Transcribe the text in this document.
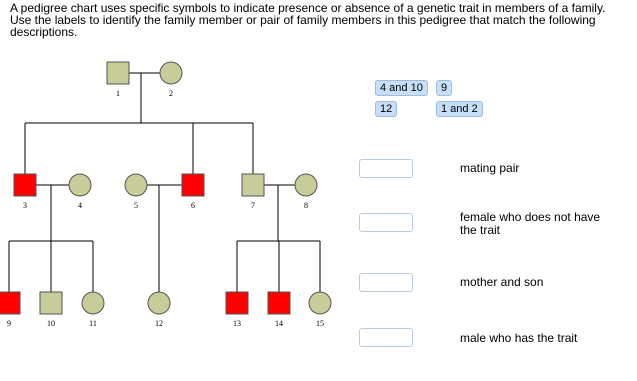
A pedigree chart uses specific symbols to indicate presence or absence of a genetic trait in members of a family. Use the labels to identify the family member or pair of family members in this pedigree that match the following descriptions.

1	2
3	4	5	6	7	8
9	10	11	12	13	14	15
4 and 10	9
12	1 and 2
mating pair
female who does not have the trait
mother and son
male who has the trait
